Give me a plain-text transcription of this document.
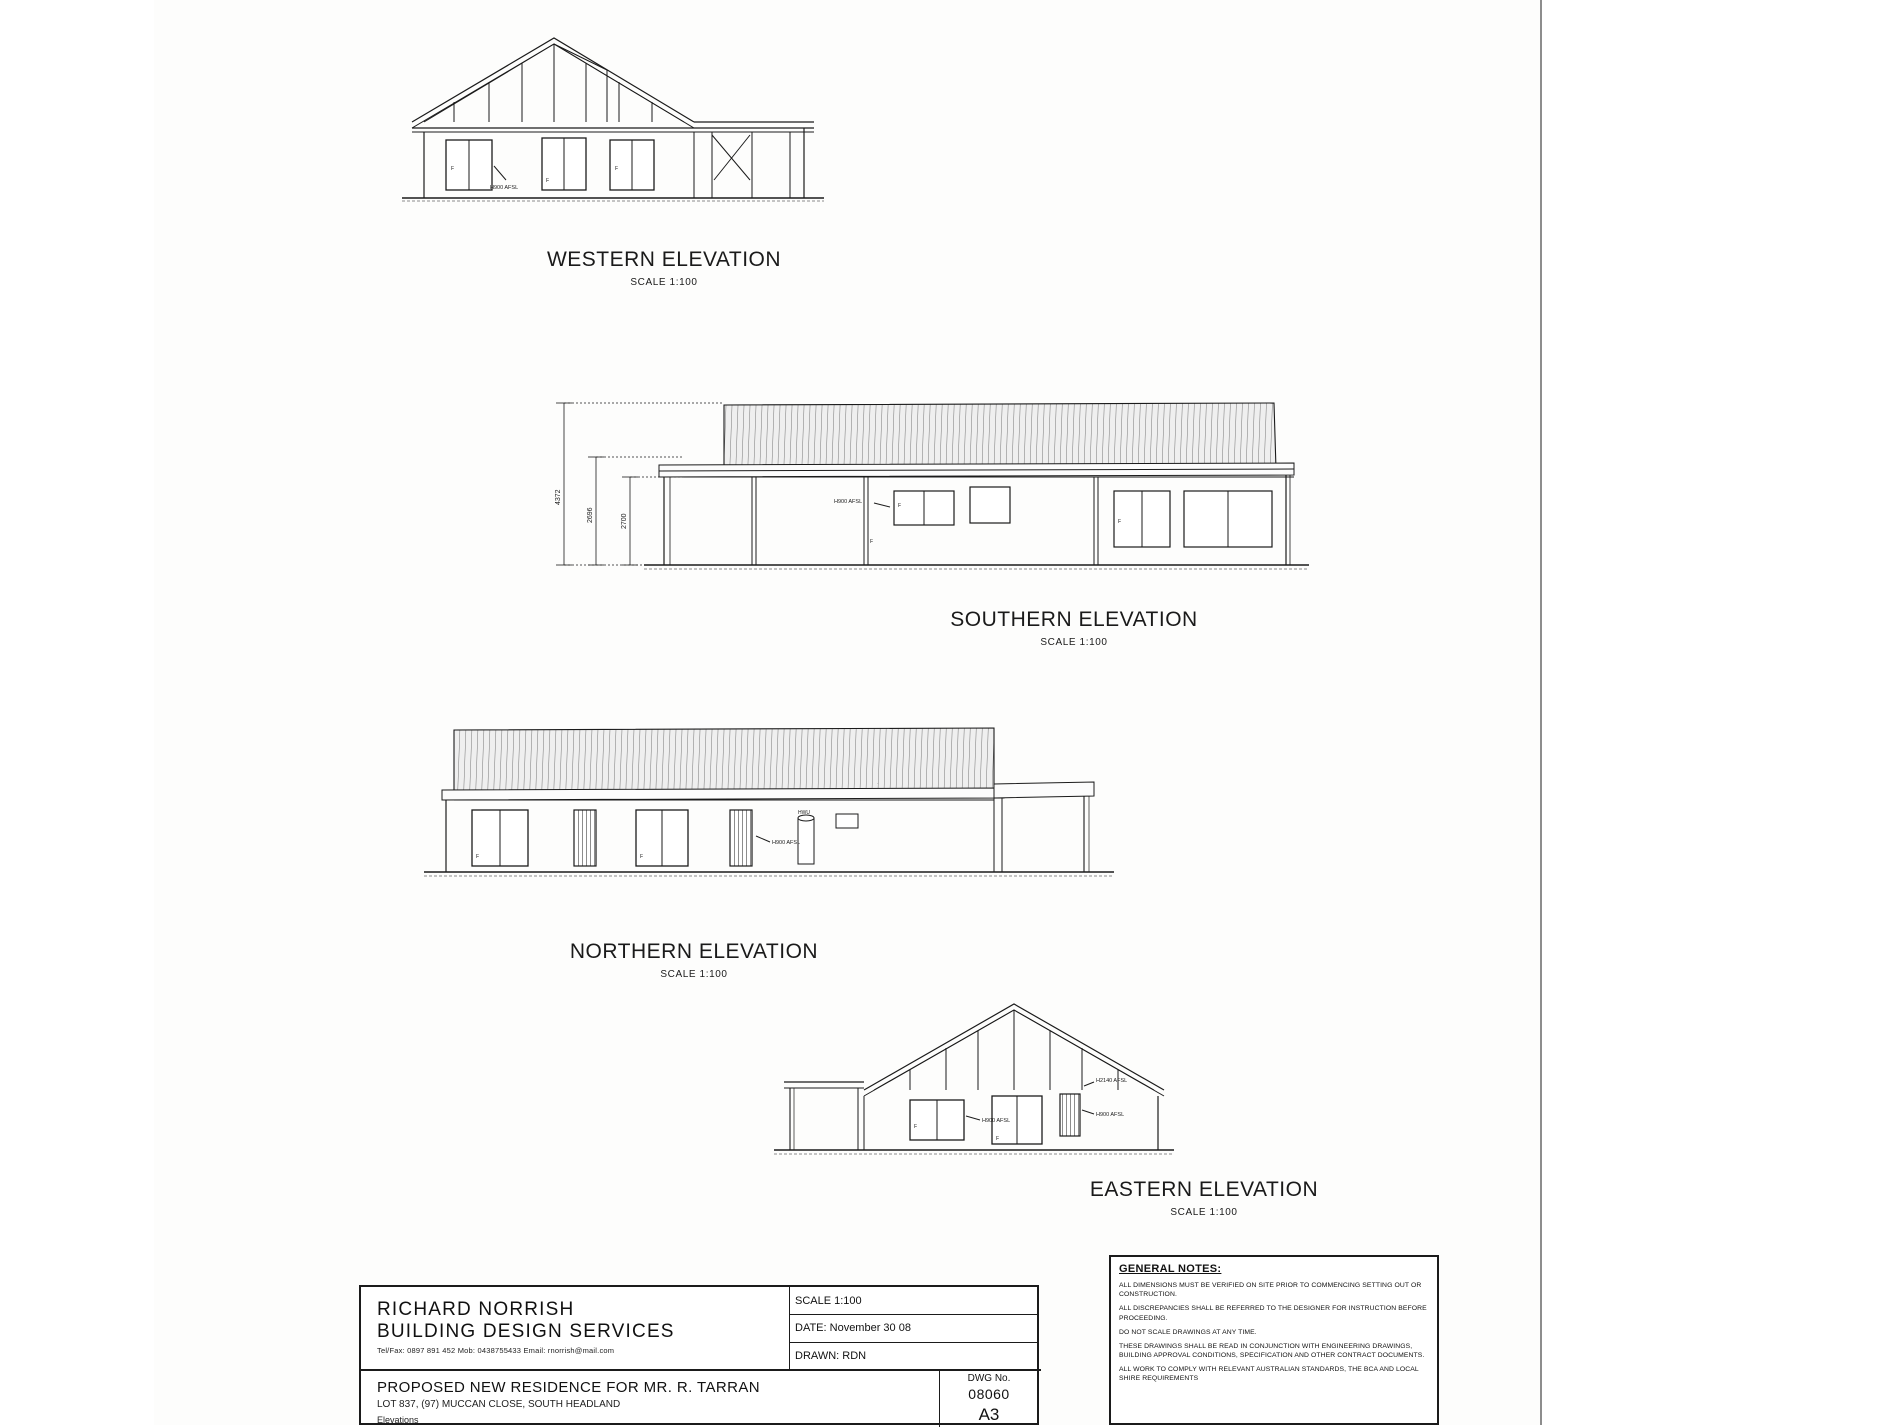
H900 AFSL
F
F
F
WESTERN ELEVATION
SCALE 1:100
4372
2696	2700
H900 AFSL
F
F
F
SOUTHERN ELEVATION
SCALE 1:100
HWU
H900 AFSL
F	F
NORTHERN ELEVATION
SCALE 1:100
H900 AFSL
H900 AFSL
H2140 AFSL
F
F
EASTERN ELEVATION
SCALE 1:100
RICHARD NORRISH
BUILDING DESIGN SERVICES
Tel/Fax: 0897 891 452 Mob: 0438755433 Email: rnorrish@mail.com
SCALE 1:100
DATE: November 30 08
DRAWN: RDN
PROPOSED NEW RESIDENCE FOR MR. R. TARRAN
LOT 837, (97) MUCCAN CLOSE, SOUTH HEADLAND
Elevations
DWG No.
08060
A3
GENERAL NOTES:
ALL DIMENSIONS MUST BE VERIFIED ON SITE PRIOR TO COMMENCING SETTING OUT OR CONSTRUCTION.
ALL DISCREPANCIES SHALL BE REFERRED TO THE DESIGNER FOR INSTRUCTION BEFORE PROCEEDING.
DO NOT SCALE DRAWINGS AT ANY TIME.
THESE DRAWINGS SHALL BE READ IN CONJUNCTION WITH ENGINEERING DRAWINGS, BUILDING APPROVAL CONDITIONS, SPECIFICATION AND OTHER CONTRACT DOCUMENTS.
ALL WORK TO COMPLY WITH RELEVANT AUSTRALIAN STANDARDS, THE BCA AND LOCAL SHIRE REQUIREMENTS
